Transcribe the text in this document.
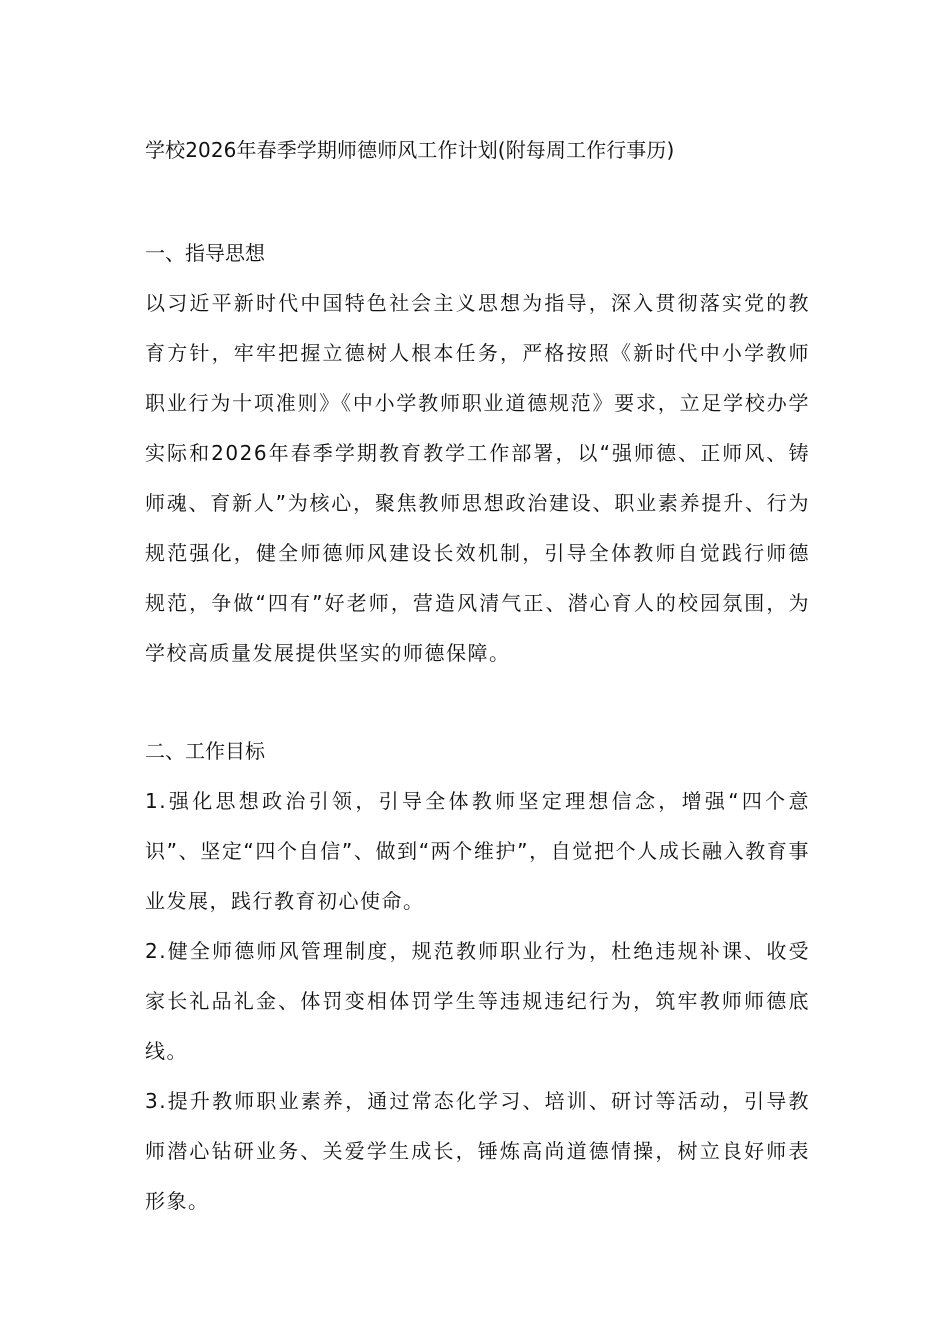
学校2026年春季学期师德师风工作计划(附每周工作行事历)

一、指导思想

以习近平新时代中国特色社会主义思想为指导，深入贯彻落实党的教育方针，牢牢把握立德树人根本任务，严格按照《新时代中小学教师职业行为十项准则》《中小学教师职业道德规范》要求，立足学校办学实际和2026年春季学期教育教学工作部署，以“强师德、正师风、铸师魂、育新人”为核心，聚焦教师思想政治建设、职业素养提升、行为规范强化，健全师德师风建设长效机制，引导全体教师自觉践行师德规范，争做“四有”好老师，营造风清气正、潜心育人的校园氛围，为学校高质量发展提供坚实的师德保障。

二、工作目标

1.强化思想政治引领，引导全体教师坚定理想信念，增强“四个意识”、坚定“四个自信”、做到“两个维护”，自觉把个人成长融入教育事业发展，践行教育初心使命。

2.健全师德师风管理制度，规范教师职业行为，杜绝违规补课、收受家长礼品礼金、体罚变相体罚学生等违规违纪行为，筑牢教师师德底线。

3.提升教师职业素养，通过常态化学习、培训、研讨等活动，引导教师潜心钻研业务、关爱学生成长，锤炼高尚道德情操，树立良好师表形象。
